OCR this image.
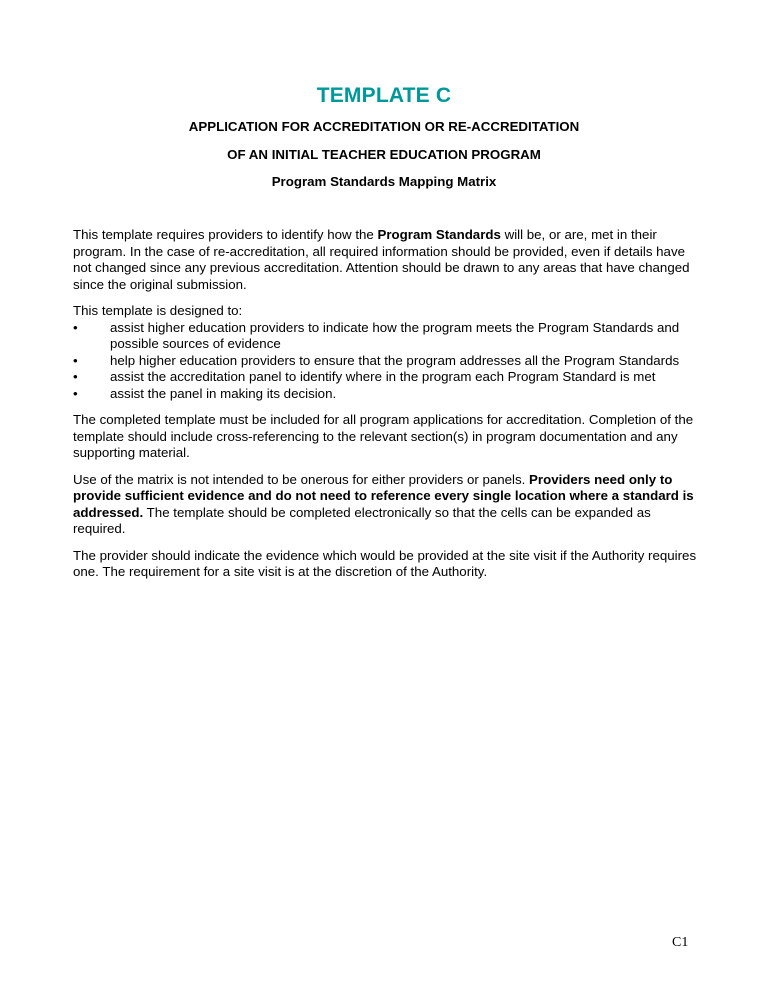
TEMPLATE C
APPLICATION FOR ACCREDITATION OR RE-ACCREDITATION
OF AN INITIAL TEACHER EDUCATION PROGRAM
Program Standards Mapping Matrix

This template requires providers to identify how the Program Standards will be, or are, met in their program. In the case of re-accreditation, all required information should be provided, even if details have not changed since any previous accreditation. Attention should be drawn to any areas that have changed since the original submission.

This template is designed to:

• assist higher education providers to indicate how the program meets the Program Standards and possible sources of evidence
• help higher education providers to ensure that the program addresses all the Program Standards
• assist the accreditation panel to identify where in the program each Program Standard is met
• assist the panel in making its decision.

The completed template must be included for all program applications for accreditation. Completion of the template should include cross-referencing to the relevant section(s) in program documentation and any supporting material.

Use of the matrix is not intended to be onerous for either providers or panels. Providers need only to provide sufficient evidence and do not need to reference every single location where a standard is addressed. The template should be completed electronically so that the cells can be expanded as required.

The provider should indicate the evidence which would be provided at the site visit if the Authority requires one. The requirement for a site visit is at the discretion of the Authority.

C1
